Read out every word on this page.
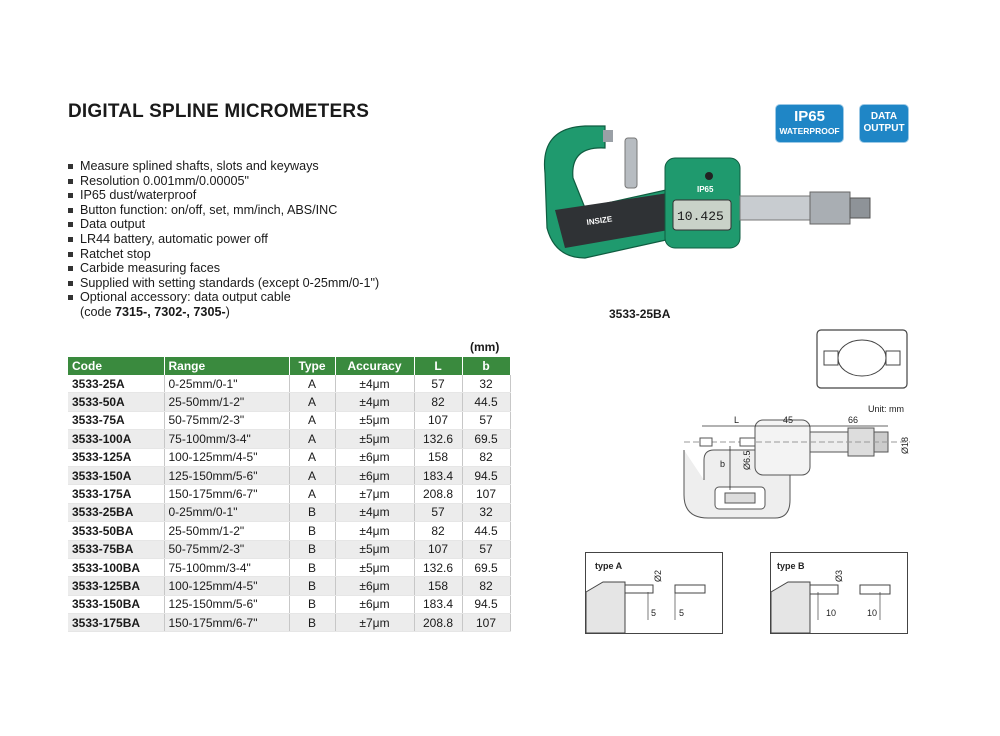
DIGITAL SPLINE MICROMETERS
Measure splined shafts, slots and keyways
Resolution 0.001mm/0.00005"
IP65 dust/waterproof
Button function: on/off, set, mm/inch, ABS/INC
Data output
LR44 battery, automatic power off
Ratchet stop
Carbide measuring faces
Supplied with setting standards (except 0-25mm/0-1")
Optional accessory: data output cable
(code 7315-, 7302-, 7305-)
IP65
WATERPROOF
DATA
OUTPUT
INSIZE	10.425
IP65
3533-25BA
(mm)
Code	Range	Type	Accuracy	L	b
3533-25A	0-25mm/0-1"	A	±4μm	57	32
3533-50A	25-50mm/1-2"	A	±4μm	82	44.5
3533-75A	50-75mm/2-3"	A	±5μm	107	57
3533-100A	75-100mm/3-4"	A	±5μm	132.6	69.5
3533-125A	100-125mm/4-5"	A	±6μm	158	82
3533-150A	125-150mm/5-6"	A	±6μm	183.4	94.5
3533-175A	150-175mm/6-7"	A	±7μm	208.8	107
3533-25BA	0-25mm/0-1"	B	±4μm	57	32
3533-50BA	25-50mm/1-2"	B	±4μm	82	44.5
3533-75BA	50-75mm/2-3"	B	±5μm	107	57
3533-100BA	75-100mm/3-4"	B	±5μm	132.6	69.5
3533-125BA	100-125mm/4-5"	B	±6μm	158	82
3533-150BA	125-150mm/5-6"	B	±6μm	183.4	94.5
3533-175BA	150-175mm/6-7"	B	±7μm	208.8	107
Unit: mm
L	45	66
b Ø6.5
Ø18
type A
5	5
Ø2
type B
10	10
Ø3
